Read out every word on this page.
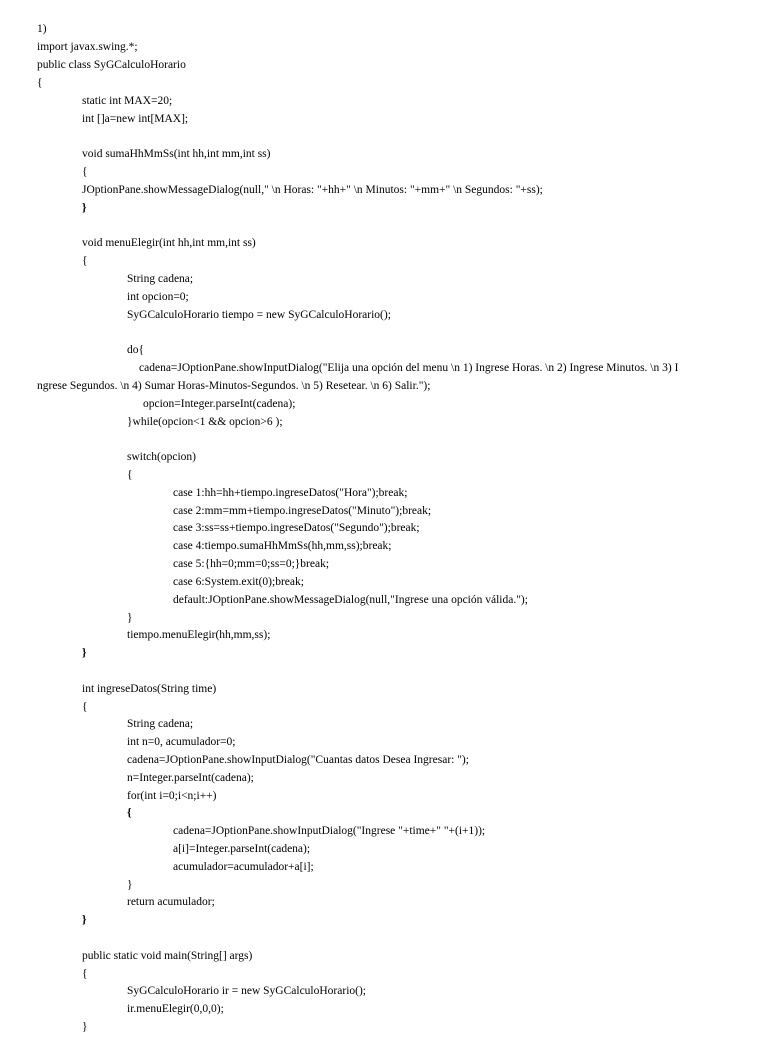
1)
import javax.swing.*;
public class SyGCalculoHorario
{
static int MAX=20;
int []a=new int[MAX];
void sumaHhMmSs(int hh,int mm,int ss)
{
JOptionPane.showMessageDialog(null," \n Horas: "+hh+" \n Minutos: "+mm+" \n Segundos: "+ss);
}
void menuElegir(int hh,int mm,int ss)
{
String cadena;
int opcion=0;
SyGCalculoHorario tiempo = new SyGCalculoHorario();
do{
cadena=JOptionPane.showInputDialog("Elija una opción del menu \n 1) Ingrese Horas. \n 2) Ingrese Minutos. \n 3) I
ngrese Segundos. \n 4) Sumar Horas-Minutos-Segundos. \n 5) Resetear. \n 6) Salir.");
opcion=Integer.parseInt(cadena);
}while(opcion<1 && opcion>6 );
switch(opcion)
{
case 1:hh=hh+tiempo.ingreseDatos("Hora");break;
case 2:mm=mm+tiempo.ingreseDatos("Minuto");break;
case 3:ss=ss+tiempo.ingreseDatos("Segundo");break;
case 4:tiempo.sumaHhMmSs(hh,mm,ss);break;
case 5:{hh=0;mm=0;ss=0;}break;
case 6:System.exit(0);break;
default:JOptionPane.showMessageDialog(null,"Ingrese una opción válida.");
}
tiempo.menuElegir(hh,mm,ss);
}
int ingreseDatos(String time)
{
String cadena;
int n=0, acumulador=0;
cadena=JOptionPane.showInputDialog("Cuantas datos Desea Ingresar: ");
n=Integer.parseInt(cadena);
for(int i=0;i<n;i++)
{
cadena=JOptionPane.showInputDialog("Ingrese "+time+" "+(i+1));
a[i]=Integer.parseInt(cadena);
acumulador=acumulador+a[i];
}
return acumulador;
}
public static void main(String[] args)
{
SyGCalculoHorario ir = new SyGCalculoHorario();
ir.menuElegir(0,0,0);
}
